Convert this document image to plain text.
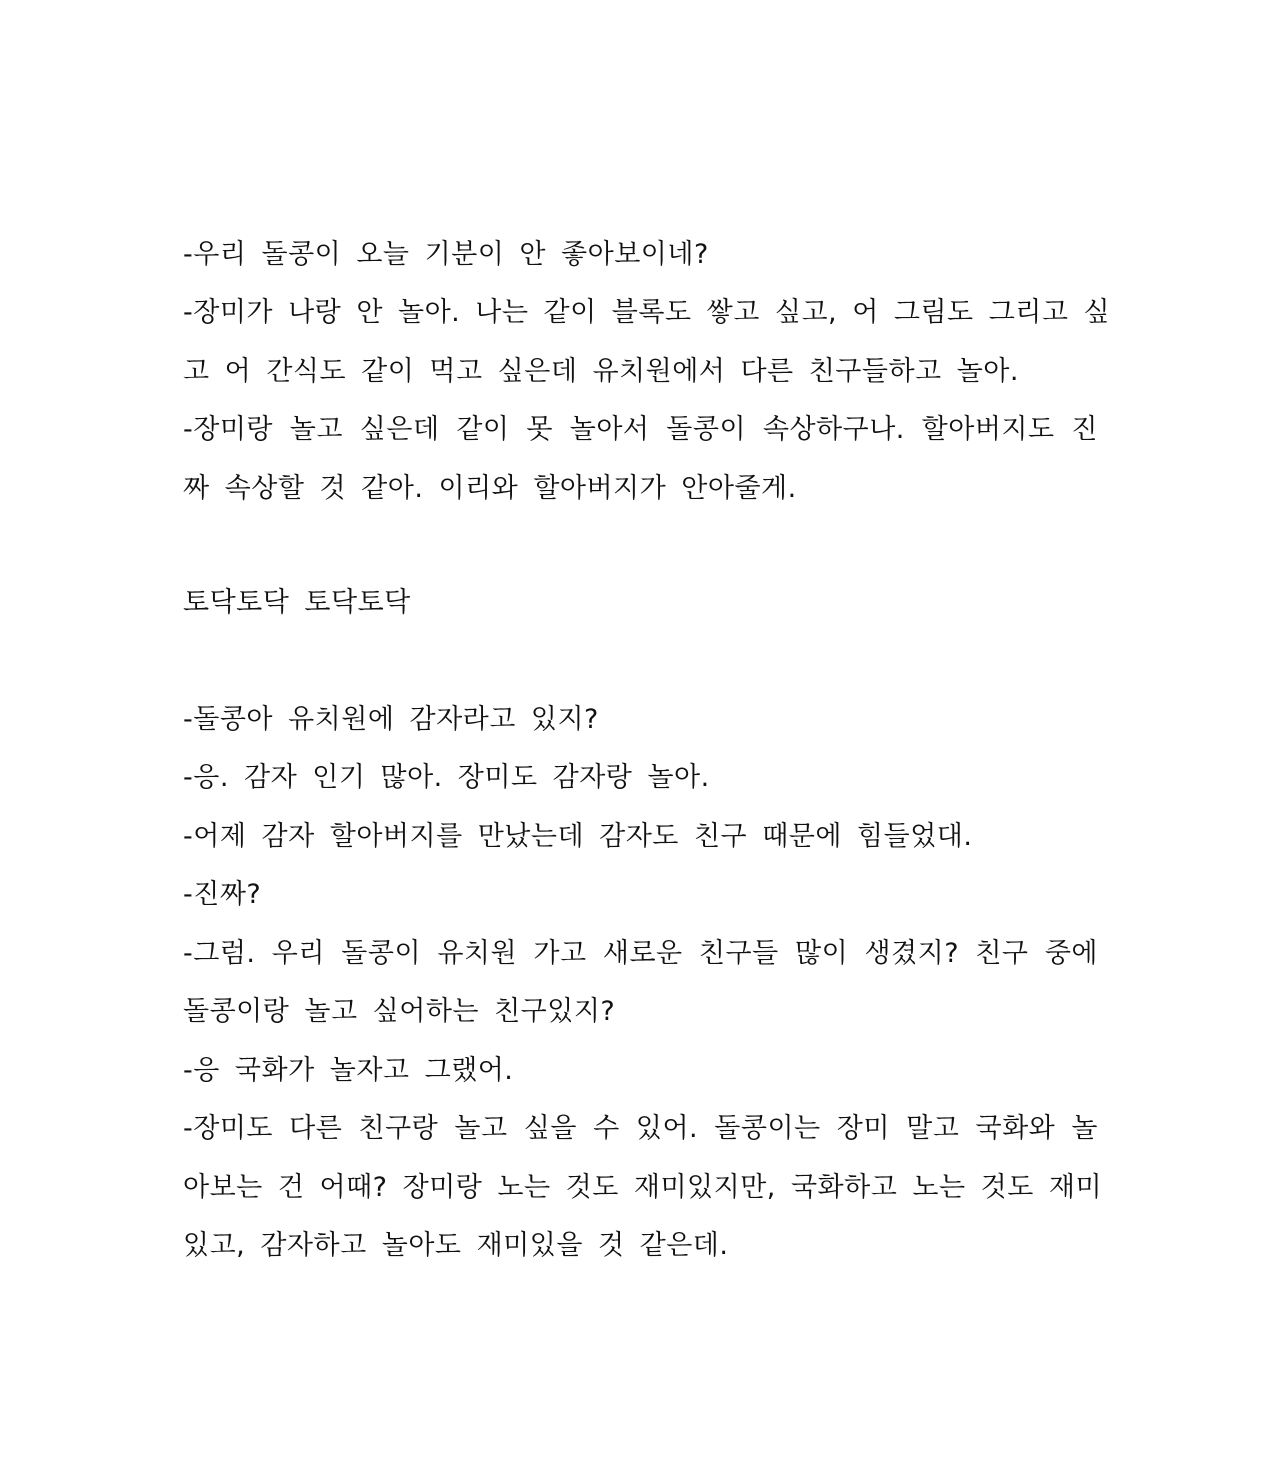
-우리 돌콩이 오늘 기분이 안 좋아보이네?
-장미가 나랑 안 놀아. 나는 같이 블록도 쌓고 싶고, 어 그림도 그리고 싶
고 어 간식도 같이 먹고 싶은데 유치원에서 다른 친구들하고 놀아.
-장미랑 놀고 싶은데 같이 못 놀아서 돌콩이 속상하구나. 할아버지도 진
짜 속상할 것 같아. 이리와 할아버지가 안아줄게.
토닥토닥 토닥토닥
-돌콩아 유치원에 감자라고 있지?
-응. 감자 인기 많아. 장미도 감자랑 놀아.
-어제 감자 할아버지를 만났는데 감자도 친구 때문에 힘들었대.
-진짜?
-그럼. 우리 돌콩이 유치원 가고 새로운 친구들 많이 생겼지? 친구 중에
돌콩이랑 놀고 싶어하는 친구있지?
-응 국화가 놀자고 그랬어.
-장미도 다른 친구랑 놀고 싶을 수 있어. 돌콩이는 장미 말고 국화와 놀
아보는 건 어때? 장미랑 노는 것도 재미있지만, 국화하고 노는 것도 재미
있고, 감자하고 놀아도 재미있을 것 같은데.
